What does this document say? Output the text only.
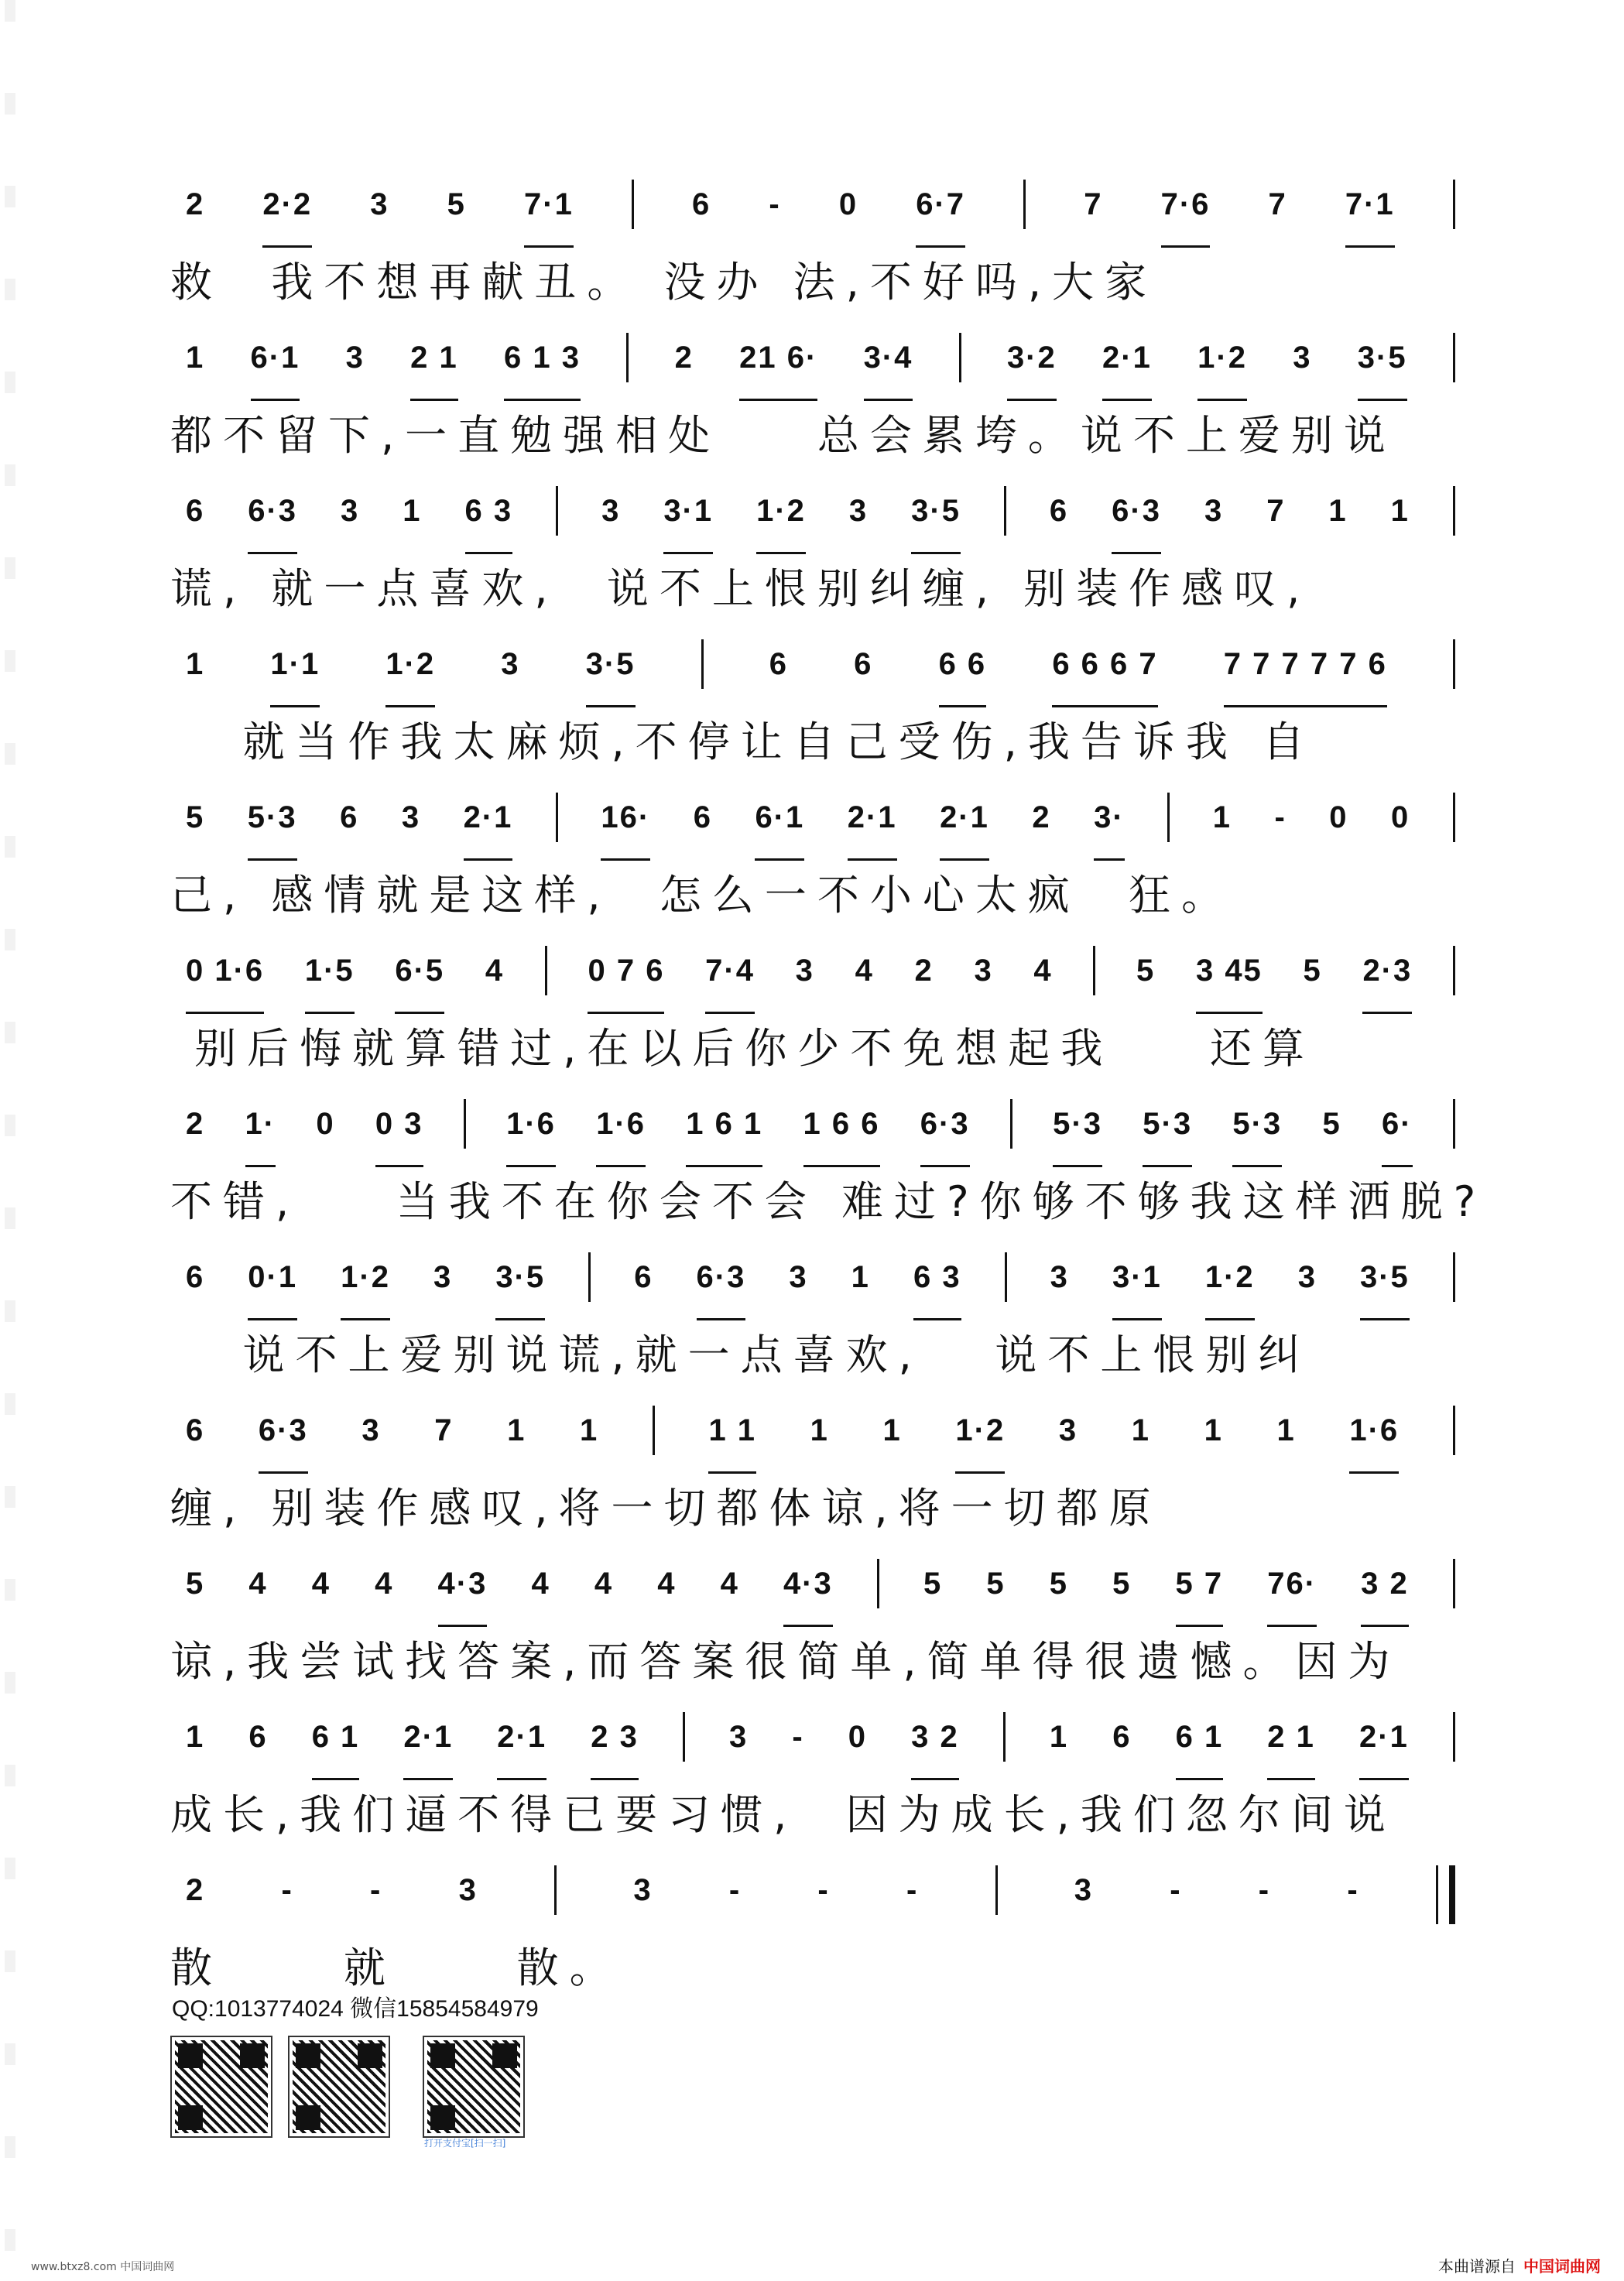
2 2·2 3 5 7·1	6 - 0 6·7	7 7·6 7 7·1
救  我不想再献丑。 没办 法,不好吗,大家
1 6·1 3 2 1 6 1 3	2 21 6· 3·4	3·2 2·1 1·2 3 3·5
都不留下,一直勉强相处    总会累垮。说不上爱别说
6 6·3 3 1 6 3	3 3·1 1·2 3 3·5	6 6·3 3 7 1 1
谎, 就一点喜欢,  说不上恨别纠缠, 别装作感叹,
1 1·1 1·2 3 3·5	6 6 6 6 6 6 6 7 7 7 7 7 7 6
就当作我太麻烦,不停让自己受伤,我告诉我 自
5 5·3 6 3 2·1	16· 6 6·1 2·1 2·1 2 3·	1 - 0 0
己, 感情就是这样,  怎么一不小心太疯  狂。
0 1·6 1·5 6·5 4	0 7 6 7·4 3 4 2 3 4	5 3 45 5 2·3
别后悔就算错过,在以后你少不免想起我    还算
2 1· 0 0 3	1·6 1·6 1 6 1 1 6 6 6·3	5·3 5·3 5·3 5 6·
不错,    当我不在你会不会 难过?你够不够我这样洒脱?
6 0·1 1·2 3 3·5	6 6·3 3 1 6 3	3 3·1 1·2 3 3·5
说不上爱别说谎,就一点喜欢,   说不上恨别纠
6 6·3 3 7 1 1	1 1 1 1 1·2 3 1 1 1 1·6
缠, 别装作感叹,将一切都体谅,将一切都原
5 4 4 4 4·3 4 4 4 4 4·3	5 5 5 5 5 7 76· 3 2
谅,我尝试找答案,而答案很简单,简单得很遗憾。因为
1 6 6 1 2·1 2·1 2 3	3 - 0 3 2	1 6 6 1 2 1 2·1
成长,我们逼不得已要习惯,  因为成长,我们忽尔间说
2 - - 3	3 - - -	3 - - -
散     就     散。
QQ:1013774024 微信15854584979
打开支付宝[扫一扫]
www.btxz8.com 中国词曲网	本曲谱源自 中国词曲网
